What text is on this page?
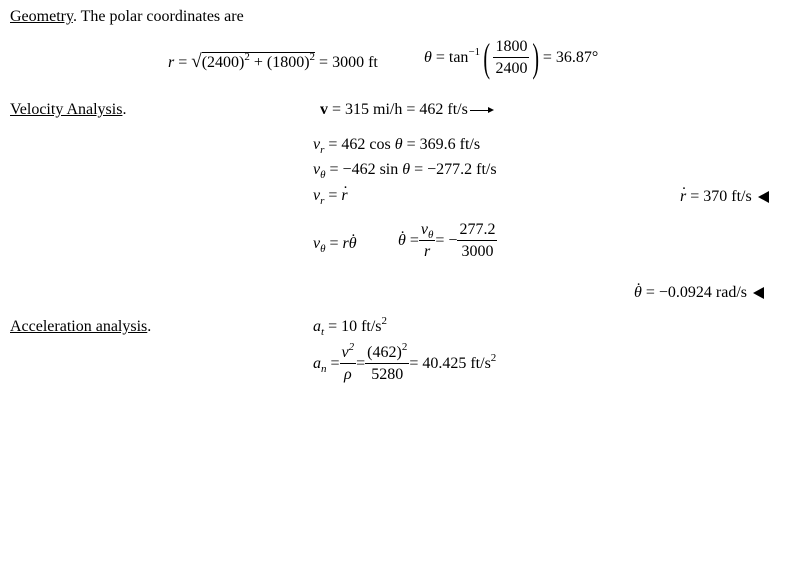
Geometry. The polar coordinates are
$r = √(2400)^2 + (1800)^2 = 3000$ ft	$\theta = \tan^{-1}( \frac{1800}{2400}$ ) = 36.87°
Velocity Analysis.	v = 315 mi/h = 462 ft/s
$v_r = 462$ cos θ = 369.6 ft/s
$v_\theta = -462$ sin θ = −277.2 ft/s
$v_r = r$ .	r . = 370 ft/s
$v_\theta = r\theta$ .	θ . = $\frac{v_\theta}{r}$ = − $\frac{277.2}{3000}$
θ . = −0.0924 rad/s
Acceleration analysis.	$a_t = 10$ $ft/s^2$
$a_n = \frac{v^2}{\rho} = \frac{(462)^2}{5280} = 40.425$ $ft/s^2$
